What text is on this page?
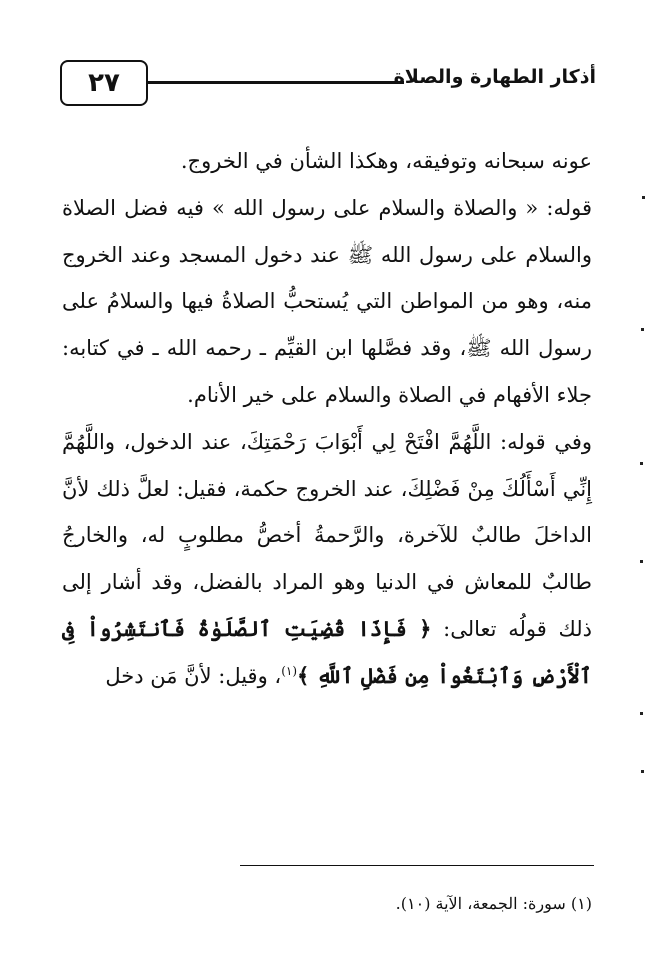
٢٧	أذكار الطهارة والصلاة

عونه سبحانه وتوفيقه، وهكذا الشأن في الخروج.

قوله: « والصلاة والسلام على رسول الله » فيه فضل الصلاة والسلام على رسول الله ﷺ عند دخول المسجد وعند الخروج منه، وهو من المواطن التي يُستحبُّ الصلاةُ فيها والسلامُ على رسول الله ﷺ، وقد فصَّلها ابن القيِّم ـ رحمه الله ـ في كتابه: جلاء الأفهام في الصلاة والسلام على خير الأنام.

وفي قوله: اللَّهُمَّ افْتَحْ لِي أَبْوَابَ رَحْمَتِكَ، عند الدخول، واللَّهُمَّ إِنِّي أَسْأَلُكَ مِنْ فَضْلِكَ، عند الخروج حكمة، فقيل: لعلَّ ذلك لأنَّ الداخلَ طالبٌ للآخرة، والرَّحمةُ أخصُّ مطلوبٍ له، والخارجُ طالبٌ للمعاش في الدنيا وهو المراد بالفضل، وقد أشار إلى ذلك قولُه تعالى: ﴿ فَإِذَا قُضِيَتِ ٱلصَّلَوٰةُ فَٱنتَشِرُواْ فِى ٱلْأَرْضِ وَٱبْتَغُواْ مِن فَضْلِ ٱللَّهِ ﴾$^{(١)}$، وقيل: لأنَّ مَن دخل

(١) سورة: الجمعة، الآية (١٠).
